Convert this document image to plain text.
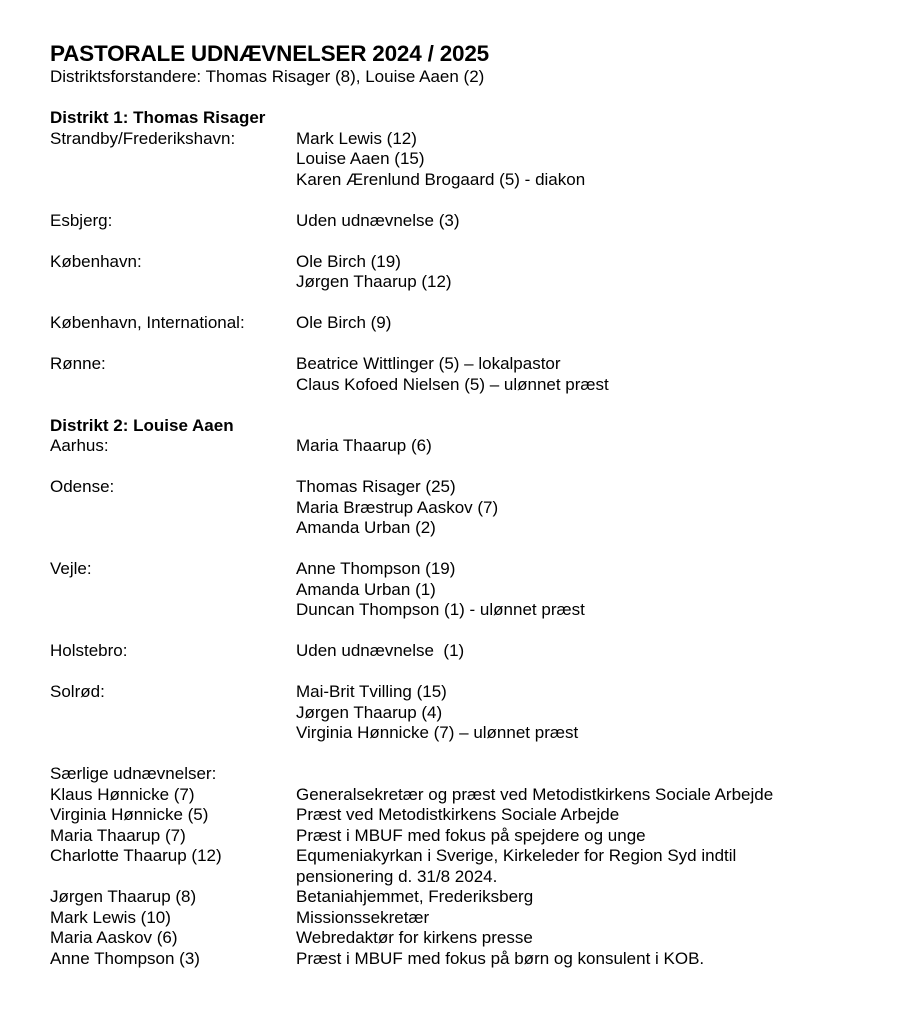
PASTORALE UDNÆVNELSER 2024 / 2025

Distriktsforstandere: Thomas Risager (8), Louise Aaen (2)

Distrikt 1: Thomas Risager
Strandby/Frederikshavn:	Mark Lewis (12)
Louise Aaen (15)
Karen Ærenlund Brogaard (5) - diakon
Esbjerg:	Uden udnævnelse (3)
København:	Ole Birch (19)
Jørgen Thaarup (12)
København, International:	Ole Birch (9)
Rønne:	Beatrice Wittlinger (5) – lokalpastor
Claus Kofoed Nielsen (5) – ulønnet præst
Distrikt 2: Louise Aaen
Aarhus:	Maria Thaarup (6)
Odense:	Thomas Risager (25)
Maria Bræstrup Aaskov (7)
Amanda Urban (2)
Vejle:	Anne Thompson (19)
Amanda Urban (1)
Duncan Thompson (1) - ulønnet præst
Holstebro:	Uden udnævnelse  (1)
Solrød:	Mai-Brit Tvilling (15)
Jørgen Thaarup (4)
Virginia Hønnicke (7) – ulønnet præst
Særlige udnævnelser:
Klaus Hønnicke (7)	Generalsekretær og præst ved Metodistkirkens Sociale Arbejde
Virginia Hønnicke (5)	Præst ved Metodistkirkens Sociale Arbejde
Maria Thaarup (7)	Præst i MBUF med fokus på spejdere og unge
Charlotte Thaarup (12)	Equmeniakyrkan i Sverige, Kirkeleder for Region Syd indtil pensionering d. 31/8 2024.
Jørgen Thaarup (8)	Betaniahjemmet, Frederiksberg
Mark Lewis (10)	Missionssekretær
Maria Aaskov (6)	Webredaktør for kirkens presse
Anne Thompson (3)	Præst i MBUF med fokus på børn og konsulent i KOB.
